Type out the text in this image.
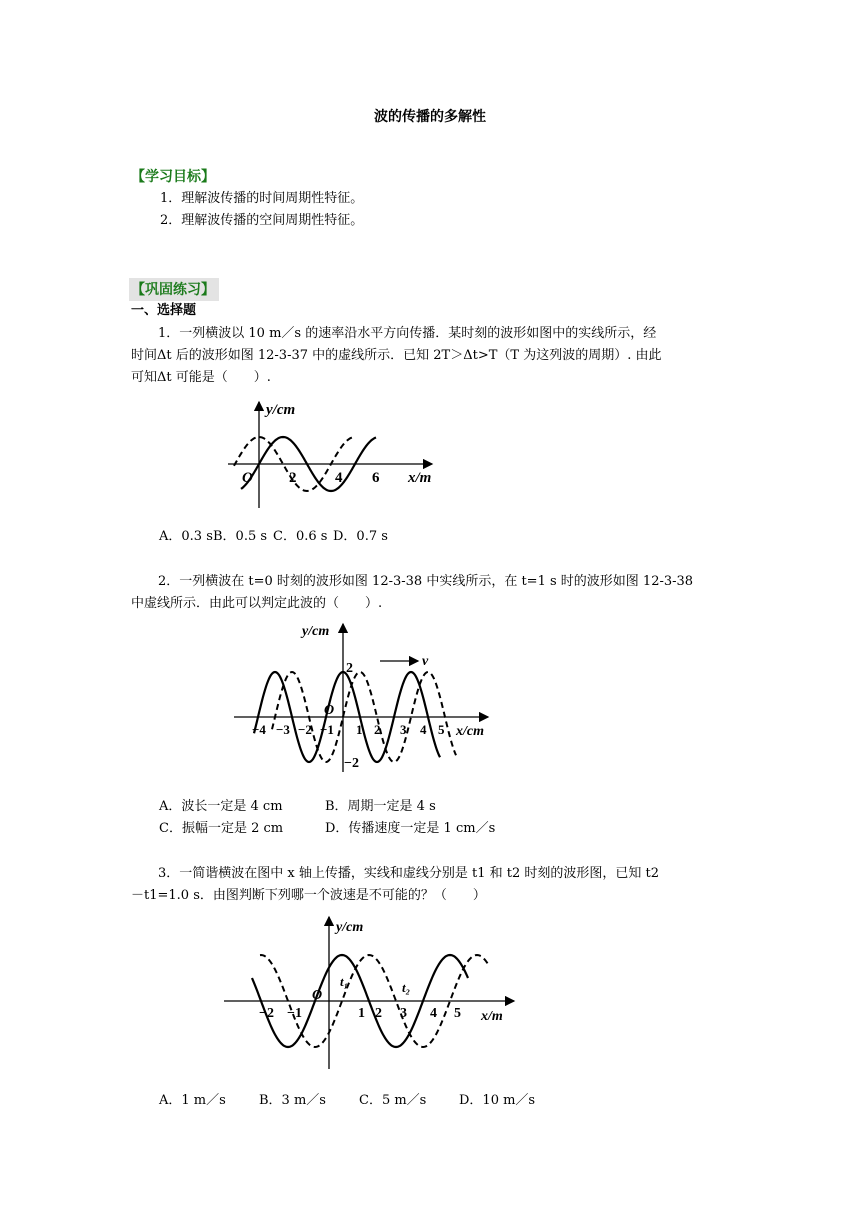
波的传播的多解性
【学习目标】
1．理解波传播的时间周期性特征。
2．理解波传播的空间周期性特征。
【巩固练习】
一、选择题
1．一列横波以 10 m／s 的速率沿水平方向传播．某时刻的波形如图中的实线所示，经
时间Δt 后的波形如图 12-3-37 中的虚线所示．已知 2T＞Δt>T（T 为这列波的周期）. 由此
可知Δt 可能是（　　）.
y/cm
x/m
O 2	4 6
A．0.3 sB．0.5 s C．0.6 s D．0.7 s
2．一列横波在 t=0 时刻的波形如图 12-3-38 中实线所示，在 t=1 s 时的波形如图 12-3-38
中虚线所示．由此可以判定此波的（　　）.
y/cm
v
2
−2
O
x/cm
−4 −3 −2 −1 1 2 3 4 5
A．波长一定是 4 cm	B．周期一定是 4 s
C．振幅一定是 2 cm	D．传播速度一定是 1 cm／s
3．一简谐横波在图中 x 轴上传播，实线和虚线分别是 t1 和 t2 时刻的波形图，已知 t2
－t1=1.0 s．由图判断下列哪一个波速是不可能的？（　　）
y/cm
O
t₁	t₂
x/m
−2 −1	1 2 3 4 5
A．1 m／s	B．3 m／s	C．5 m／s	D．10 m／s
